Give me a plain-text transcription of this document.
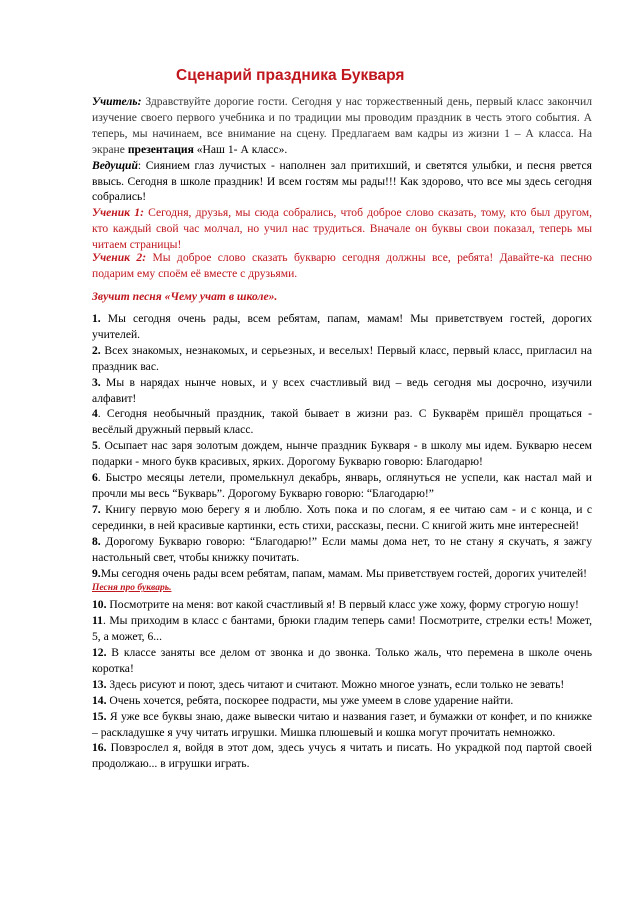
Сценарий праздника Букваря

Учитель: Здравствуйте дорогие гости. Сегодня у нас торжественный день, первый класс закончил изучение своего первого учебника и по традиции мы проводим праздник в честь этого события. А теперь, мы начинаем, все внимание на сцену. Предлагаем вам кадры из жизни 1 – А класса. На экране презентация «Наш 1- А класс».
Ведущий: Сиянием глаз лучистых - наполнен зал притихший, и светятся улыбки, и песня рвется ввысь. Сегодня в школе праздник! И всем гостям мы рады!!! Как здорово, что все мы здесь сегодня собрались!
Ученик 1: Сегодня, друзья, мы сюда собрались, чтоб доброе слово сказать, тому, кто был другом, кто каждый свой час молчал, но учил нас трудиться. Вначале он буквы свои показал, теперь мы читаем страницы!

Ученик 2: Мы доброе слово сказать букварю сегодня должны все, ребята! Давайте-ка песню подарим ему споём её вместе с друзьями.

Звучит песня «Чему учат в школе».

1. Мы сегодня очень рады, всем ребятам, папам, мамам! Мы приветствуем гостей, дорогих учителей.

2. Всех знакомых, незнакомых, и серьезных, и веселых! Первый класс, первый класс, пригласил на праздник вас.

3. Мы в нарядах нынче новых, и у всех счастливый вид – ведь сегодня мы досрочно, изучили алфавит!

4. Сегодня необычный праздник, такой бывает в жизни раз. С Букварём пришёл прощаться - весёлый дружный первый класс.

5. Осыпает нас заря золотым дождем, нынче праздник Букваря - в школу мы идем. Букварю несем подарки - много букв красивых, ярких. Дорогому Букварю говорю: Благодарю!

6. Быстро месяцы летели, промелькнул декабрь, январь, оглянуться не успели, как настал май и прочли мы весь “Букварь”. Дорогому Букварю говорю: “Благодарю!”

7. Книгу первую мою берегу я и люблю. Хоть пока и по слогам, я ее читаю сам - и с конца, и с серединки, в ней красивые картинки, есть стихи, рассказы, песни. С книгой жить мне интересней!

8. Дорогому Букварю говорю: “Благодарю!” Если мамы дома нет, то не стану я скучать, я зажгу настольный свет, чтобы книжку почитать.

9.Мы сегодня очень рады всем ребятам, папам, мамам. Мы приветствуем гостей, дорогих учителей!

Песня про букварь.

10. Посмотрите на меня: вот какой счастливый я! В первый класс уже хожу, форму строгую ношу!

11. Мы приходим в класс с бантами, брюки гладим теперь сами! Посмотрите, стрелки есть! Может, 5, а может, 6...

12. В классе заняты все делом от звонка и до звонка. Только жаль, что перемена в школе очень коротка!

13. Здесь рисуют и поют, здесь читают и считают. Можно многое узнать, если только не зевать!

14. Очень хочется, ребята, поскорее подрасти, мы уже умеем в слове ударение найти.

15. Я уже все буквы знаю, даже вывески читаю и названия газет, и бумажки от конфет, и по книжке – раскладушке я учу читать игрушки. Мишка плюшевый и кошка могут прочитать немножко.

16. Повзрослел я, войдя в этот дом, здесь учусь я читать и писать. Но украдкой под партой своей продолжаю... в игрушки играть.
